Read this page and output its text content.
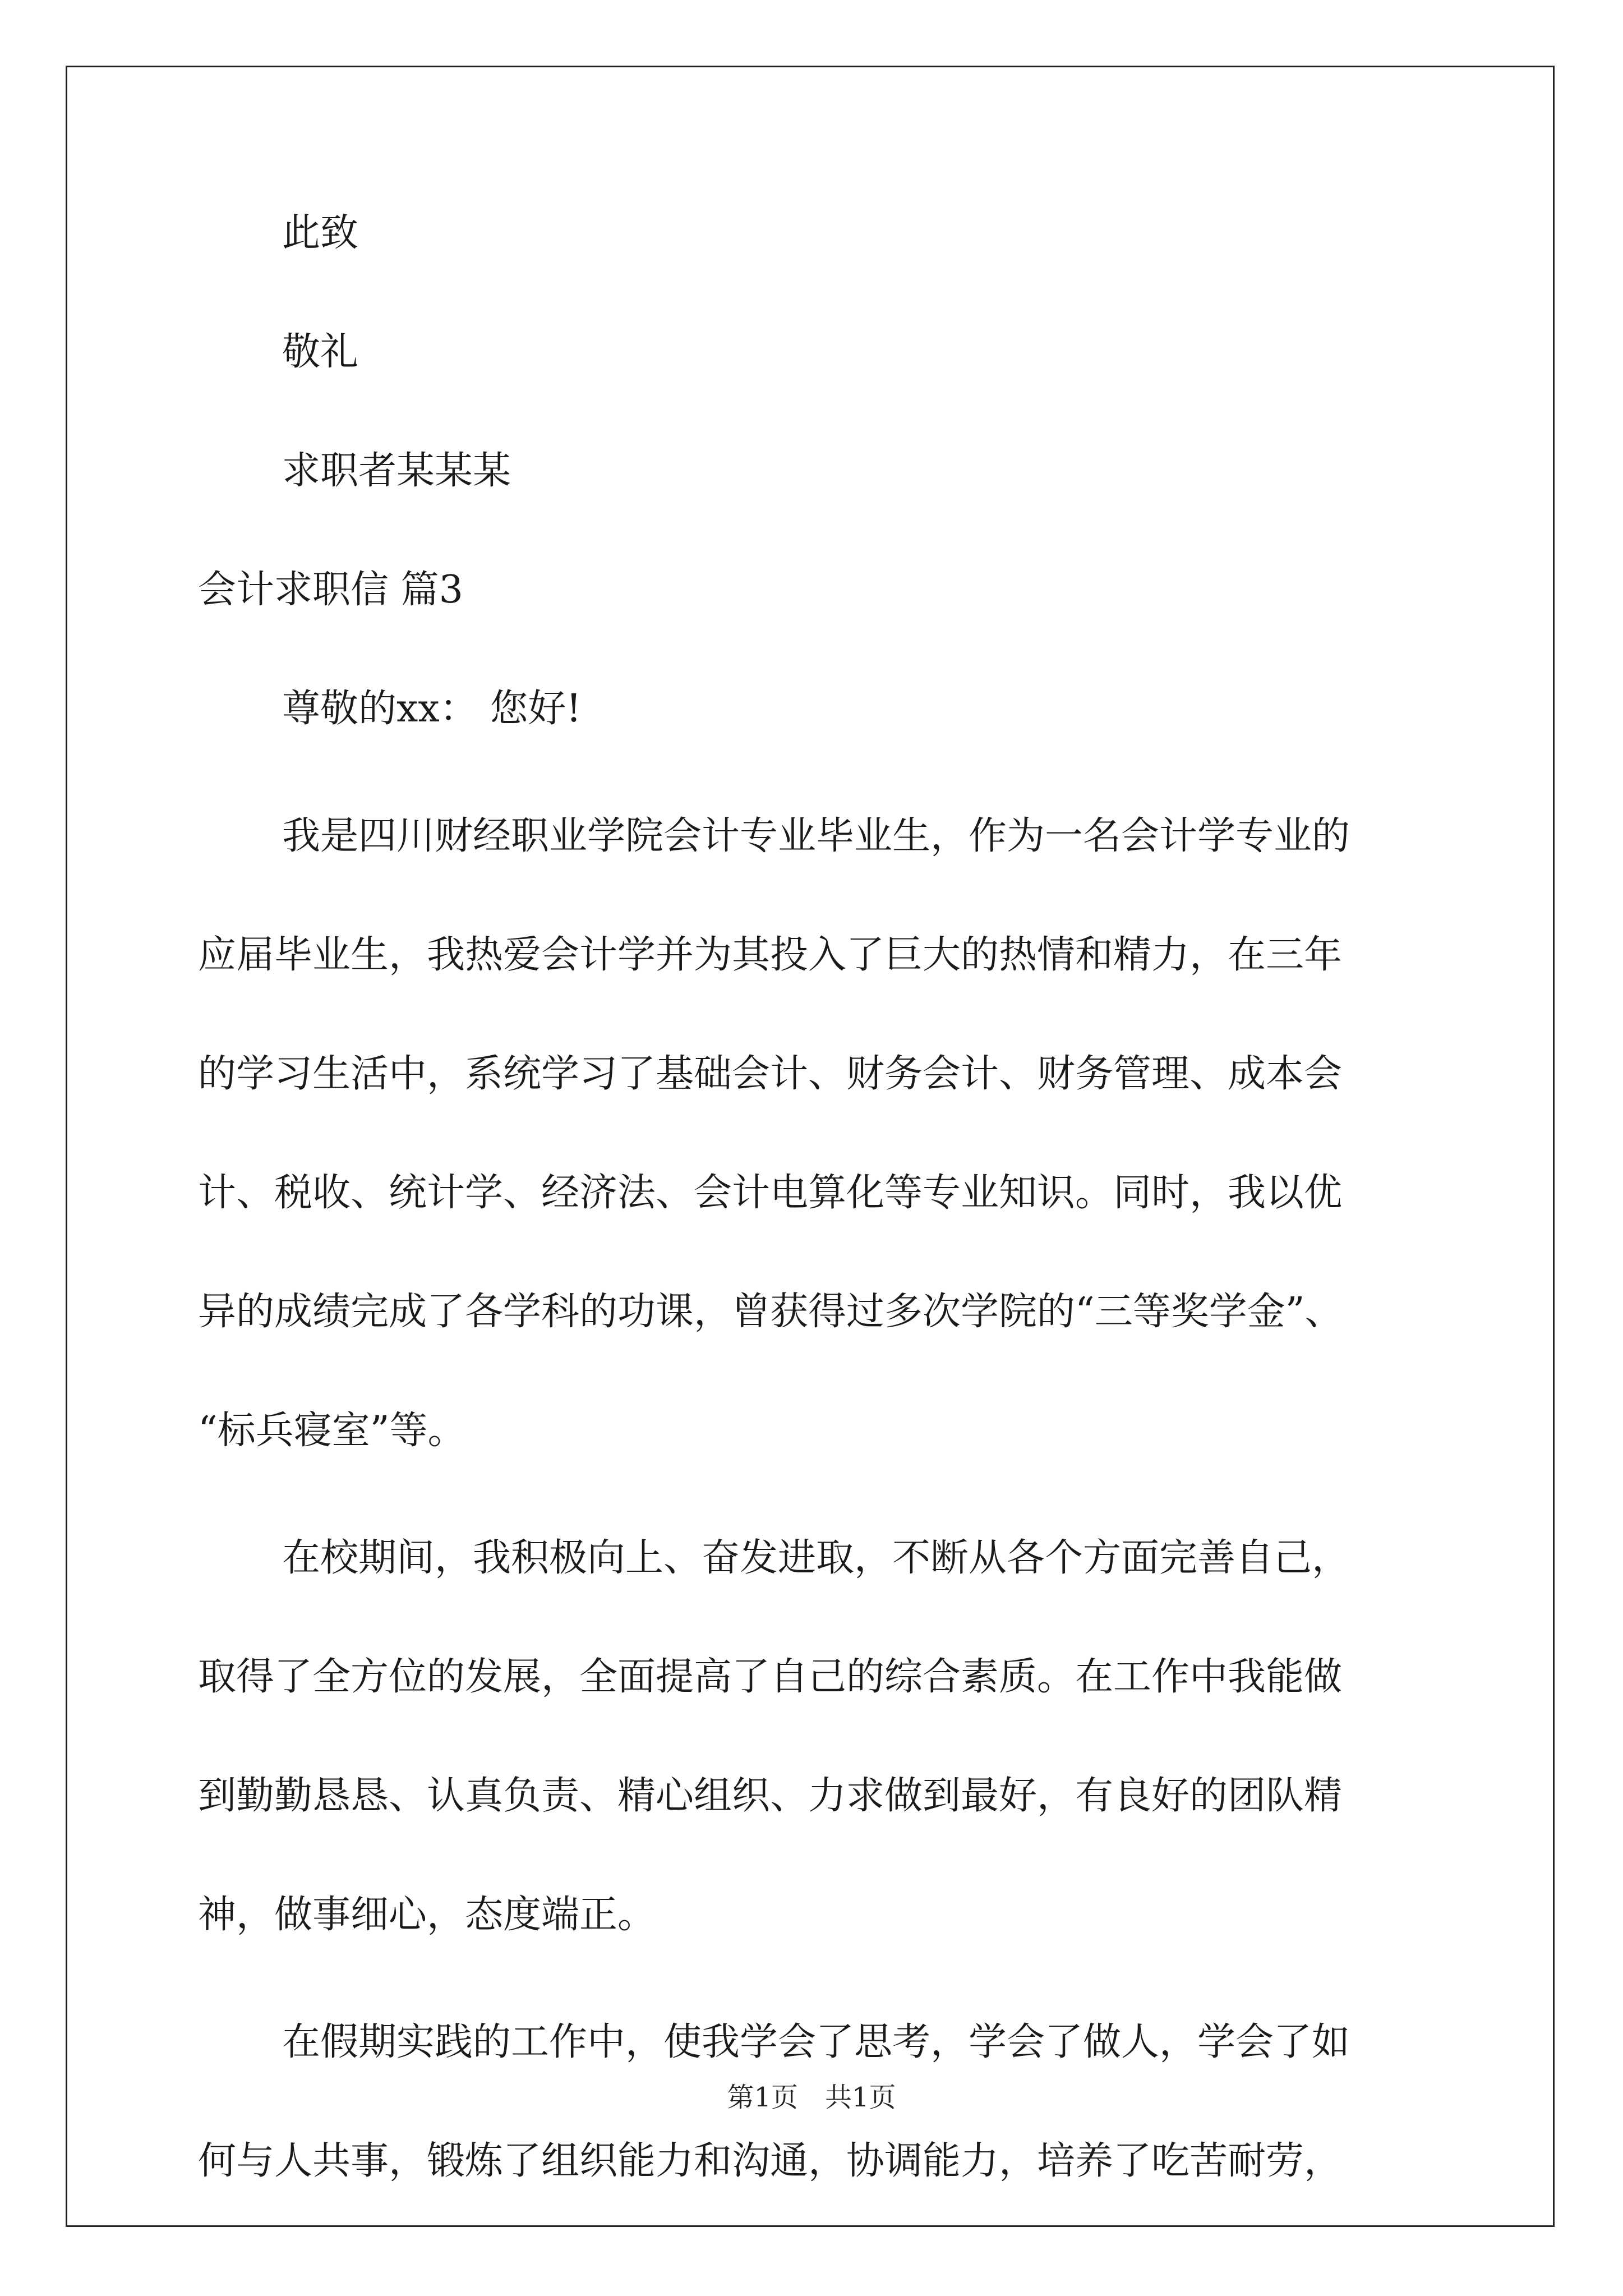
此致

敬礼

求职者某某某

会计求职信 篇3

尊敬的xx： 您好!

我是四川财经职业学院会计专业毕业生，作为一名会计学专业的

应届毕业生，我热爱会计学并为其投入了巨大的热情和精力，在三年

的学习生活中，系统学习了基础会计、财务会计、财务管理、成本会

计、税收、统计学、经济法、会计电算化等专业知识。同时，我以优

异的成绩完成了各学科的功课，曾获得过多次学院的“三等奖学金”、

“标兵寝室”等。

在校期间，我积极向上、奋发进取，不断从各个方面完善自己，

取得了全方位的发展，全面提高了自己的综合素质。在工作中我能做

到勤勤恳恳、认真负责、精心组织、力求做到最好，有良好的团队精

神，做事细心，态度端正。

在假期实践的工作中，使我学会了思考，学会了做人，学会了如

何与人共事，锻炼了组织能力和沟通，协调能力，培养了吃苦耐劳，

第1页　共1页
